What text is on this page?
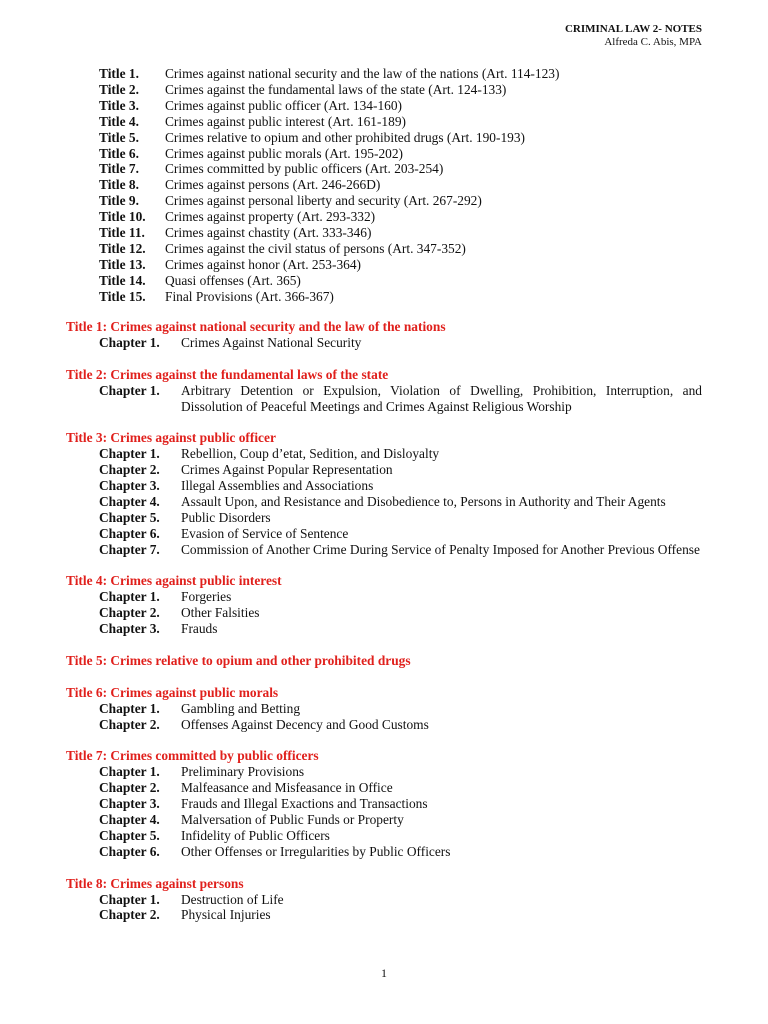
CRIMINAL LAW 2- NOTES
Alfreda C. Abis, MPA
Title 1.	Crimes against national security and the law of the nations (Art. 114-123)
Title 2.	Crimes against the fundamental laws of the state (Art. 124-133)
Title 3.	Crimes against public officer (Art. 134-160)
Title 4.	Crimes against public interest (Art. 161-189)
Title 5.	Crimes relative to opium and other prohibited drugs (Art. 190-193)
Title 6.	Crimes against public morals (Art. 195-202)
Title 7.	Crimes committed by public officers (Art. 203-254)
Title 8.	Crimes against persons (Art. 246-266D)
Title 9.	Crimes against personal liberty and security (Art. 267-292)
Title 10.	Crimes against property (Art. 293-332)
Title 11.	Crimes against chastity (Art. 333-346)
Title 12.	Crimes against the civil status of persons (Art. 347-352)
Title 13.	Crimes against honor (Art. 253-364)
Title 14.	Quasi offenses (Art. 365)
Title 15.	Final Provisions (Art. 366-367)
Title 1: Crimes against national security and the law of the nations
Chapter 1.	Crimes Against National Security
Title 2: Crimes against the fundamental laws of the state
Chapter 1.	Arbitrary Detention or Expulsion, Violation of Dwelling, Prohibition, Interruption, and Dissolution of Peaceful Meetings and Crimes Against Religious Worship
Title 3: Crimes against public officer
Chapter 1.	Rebellion, Coup d’etat, Sedition, and Disloyalty
Chapter 2.	Crimes Against Popular Representation
Chapter 3.	Illegal Assemblies and Associations
Chapter 4.	Assault Upon, and Resistance and Disobedience to, Persons in Authority and Their Agents
Chapter 5.	Public Disorders
Chapter 6.	Evasion of Service of Sentence
Chapter 7.	Commission of Another Crime During Service of Penalty Imposed for Another Previous Offense
Title 4: Crimes against public interest
Chapter 1.	Forgeries
Chapter 2.	Other Falsities
Chapter 3.	Frauds
Title 5: Crimes relative to opium and other prohibited drugs
Title 6: Crimes against public morals
Chapter 1.	Gambling and Betting
Chapter 2.	Offenses Against Decency and Good Customs
Title 7: Crimes committed by public officers
Chapter 1.	Preliminary Provisions
Chapter 2.	Malfeasance and Misfeasance in Office
Chapter 3.	Frauds and Illegal Exactions and Transactions
Chapter 4.	Malversation of Public Funds or Property
Chapter 5.	Infidelity of Public Officers
Chapter 6.	Other Offenses or Irregularities by Public Officers
Title 8: Crimes against persons
Chapter 1.	Destruction of Life
Chapter 2.	Physical Injuries
1
